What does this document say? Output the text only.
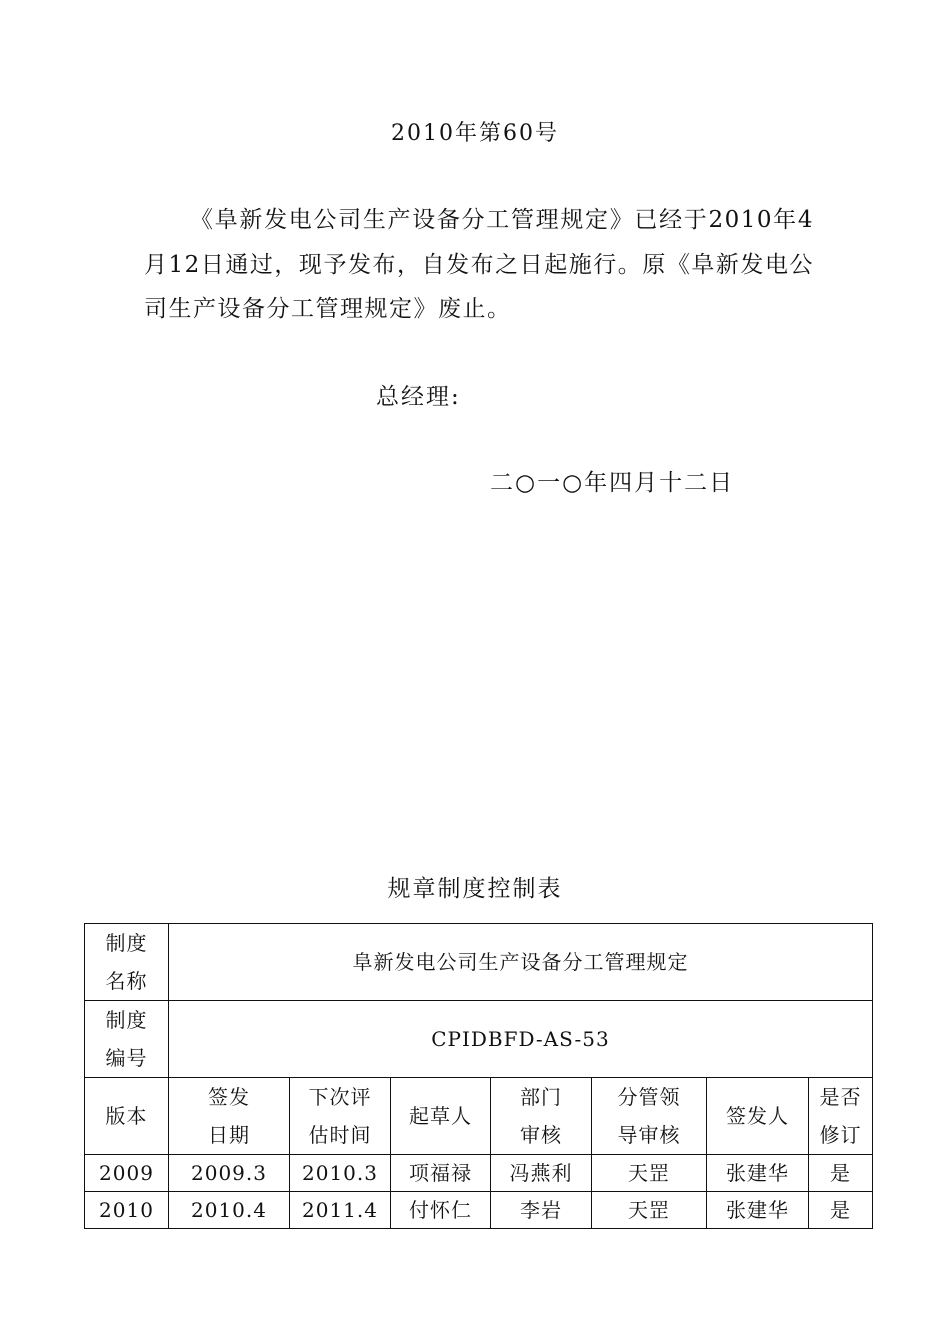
2010年第60号

《阜新发电公司生产设备分工管理规定》已经于2010年4月12日通过，现予发布，自发布之日起施行。原《阜新发电公司生产设备分工管理规定》废止。

总经理:
二○一○年四月十二日
规章制度控制表
制度名称	阜新发电公司生产设备分工管理规定						

制度编号	CPIDBFD-AS-53						

版本	签发日期	下次评估时间	起草人	部门审核	分管领导审核	签发人	是否修订

2009	2009.3	2010.3	项福禄	冯燕利	天罡	张建华	是
2010	2010.4	2011.4	付怀仁	李岩	天罡	张建华	是
